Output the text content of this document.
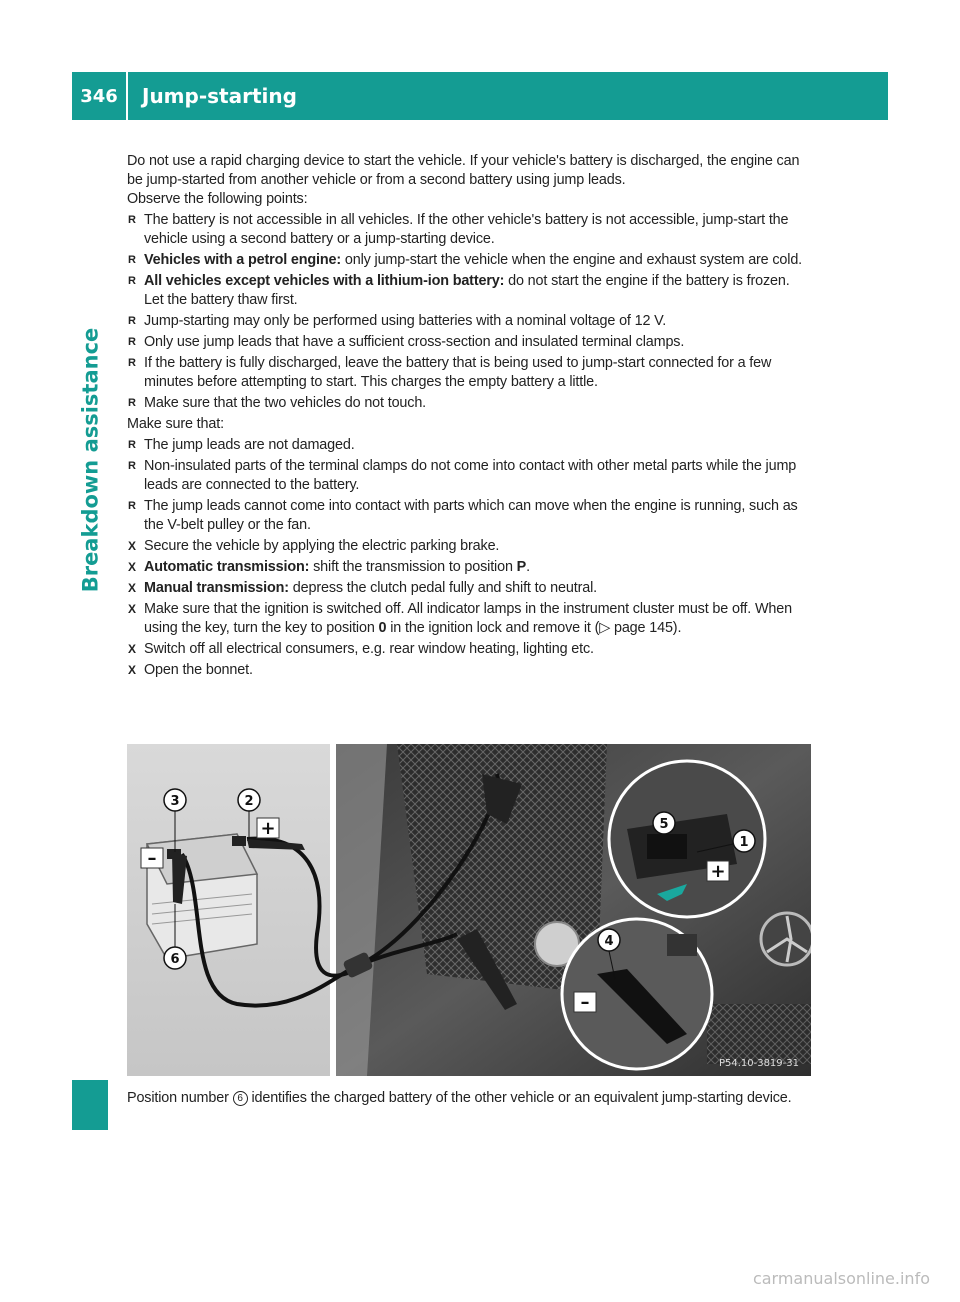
346	Jump-starting
Breakdown assistance

Do not use a rapid charging device to start the vehicle. If your vehicle's battery is discharged, the engine can be jump-started from another vehicle or from a second battery using jump leads.

Observe the following points:

R The battery is not accessible in all vehicles. If the other vehicle's battery is not accessible, jump-start the vehicle using a second battery or a jump-starting device.
R Vehicles with a petrol engine: only jump-start the vehicle when the engine and exhaust system are cold.
R All vehicles except vehicles with a lithium-ion battery: do not start the engine if the battery is frozen. Let the battery thaw first.
R Jump-starting may only be performed using batteries with a nominal voltage of 12 V.
R Only use jump leads that have a sufficient cross-section and insulated terminal clamps.
R If the battery is fully discharged, leave the battery that is being used to jump-start connected for a few minutes before attempting to start. This charges the empty battery a little.
R Make sure that the two vehicles do not touch.

Make sure that:

R The jump leads are not damaged.
R Non-insulated parts of the terminal clamps do not come into contact with other metal parts while the jump leads are connected to the battery.
R The jump leads cannot come into contact with parts which can move when the engine is running, such as the V-belt pulley or the fan.
X Secure the vehicle by applying the electric parking brake.
X Automatic transmission: shift the transmission to position P.
X Manual transmission: depress the clutch pedal fully and shift to neutral.
X Make sure that the ignition is switched off. All indicator lamps in the instrument cluster must be off. When using the key, turn the key to position 0 in the ignition lock and remove it (▷ page 145).
X Switch off all electrical consumers, e.g. rear window heating, lighting etc.
X Open the bonnet.
+
–
+
–
1
2
3
4
5
6
P54.10-3819-31
Position number 6 identifies the charged battery of the other vehicle or an equivalent jump-starting device.
carmanualsonline.info
